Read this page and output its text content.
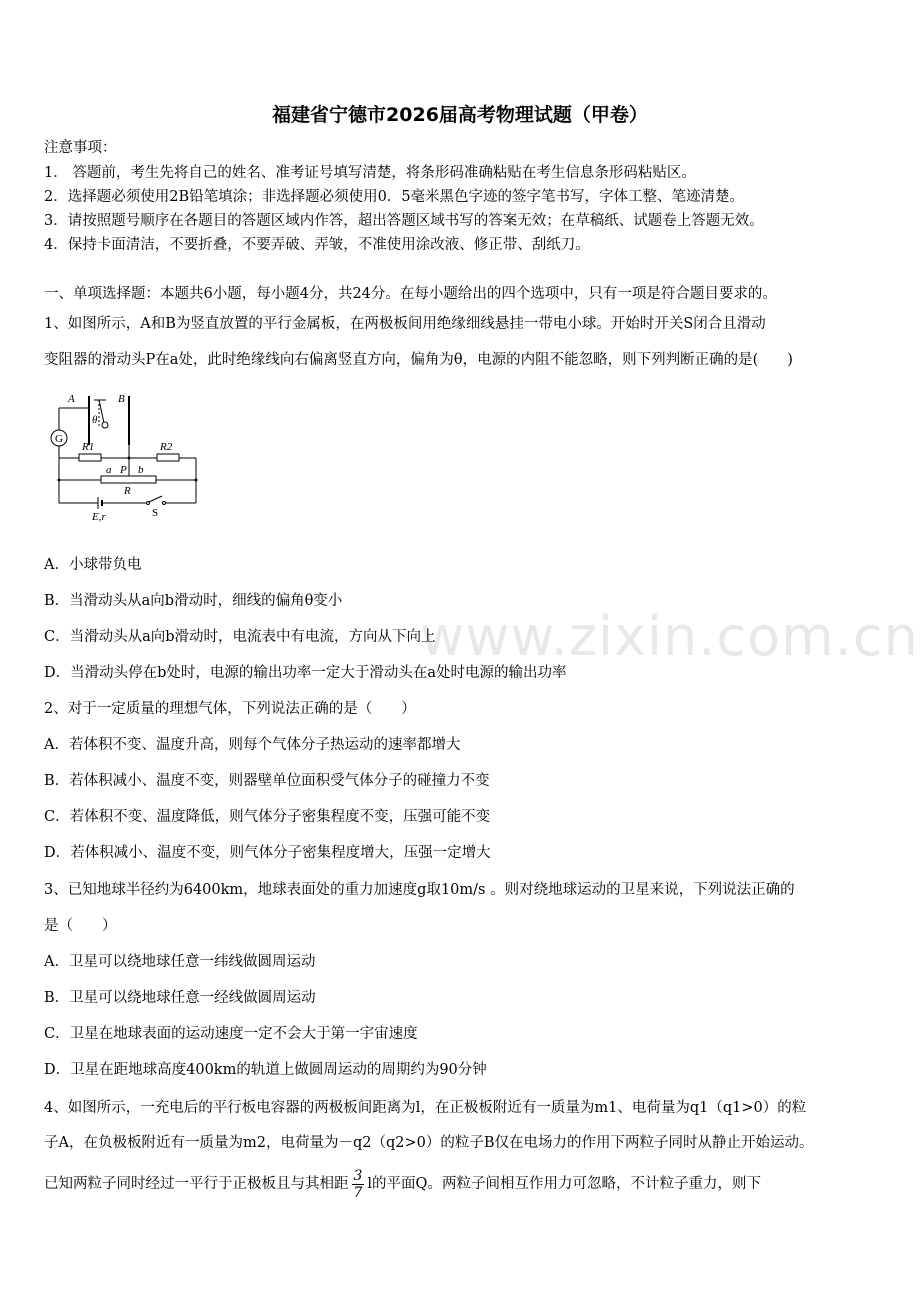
www.zixin.com.cn
福建省宁德市2026届高考物理试题（甲卷）
注意事项：
1． 答题前，考生先将自己的姓名、准考证号填写清楚，将条形码准确粘贴在考生信息条形码粘贴区。
2．选择题必须使用2B铅笔填涂；非选择题必须使用0．5毫米黑色字迹的签字笔书写，字体工整、笔迹清楚。
3．请按照题号顺序在各题目的答题区域内作答，超出答题区域书写的答案无效；在草稿纸、试题卷上答题无效。
4．保持卡面清洁，不要折叠，不要弄破、弄皱，不准使用涂改液、修正带、刮纸刀。
一、单项选择题：本题共6小题，每小题4分，共24分。在每小题给出的四个选项中，只有一项是符合题目要求的。
1、如图所示，A和B为竖直放置的平行金属板，在两极板间用绝缘细线悬挂一带电小球。开始时开关S闭合且滑动
变阻器的滑动头P在a处，此时绝缘线向右偏离竖直方向，偏角为θ，电源的内阻不能忽略，则下列判断正确的是(　　)
A	B
θ
G
R1	R2
a P b
R
E,r	S
A．小球带负电
B．当滑动头从a向b滑动时，细线的偏角θ变小
C．当滑动头从a向b滑动时，电流表中有电流，方向从下向上
D．当滑动头停在b处时，电源的输出功率一定大于滑动头在a处时电源的输出功率
2、对于一定质量的理想气体，下列说法正确的是（　　）
A．若体积不变、温度升高，则每个气体分子热运动的速率都增大
B．若体积减小、温度不变，则器壁单位面积受气体分子的碰撞力不变
C．若体积不变、温度降低，则气体分子密集程度不变，压强可能不变
D．若体积减小、温度不变，则气体分子密集程度增大，压强一定增大
3、已知地球半径约为6400km，地球表面处的重力加速度g取10m/s 。则对绕地球运动的卫星来说，下列说法正确的
是（　　）
A．卫星可以绕地球任意一纬线做圆周运动
B．卫星可以绕地球任意一经线做圆周运动
C．卫星在地球表面的运动速度一定不会大于第一宇宙速度
D．卫星在距地球高度400km的轨道上做圆周运动的周期约为90分钟
4、如图所示，一充电后的平行板电容器的两极板间距离为l，在正极板附近有一质量为m1、电荷量为q1（q1>0）的粒
子A，在负极板附近有一质量为m2，电荷量为－q2（q2>0）的粒子B仅在电场力的作用下两粒子同时从静止开始运动。
已知两粒子同时经过一平行于正极板且与其相距 $\frac{3}{7}$ l的平面Q。两粒子间相互作用力可忽略，不计粒子重力，则下
